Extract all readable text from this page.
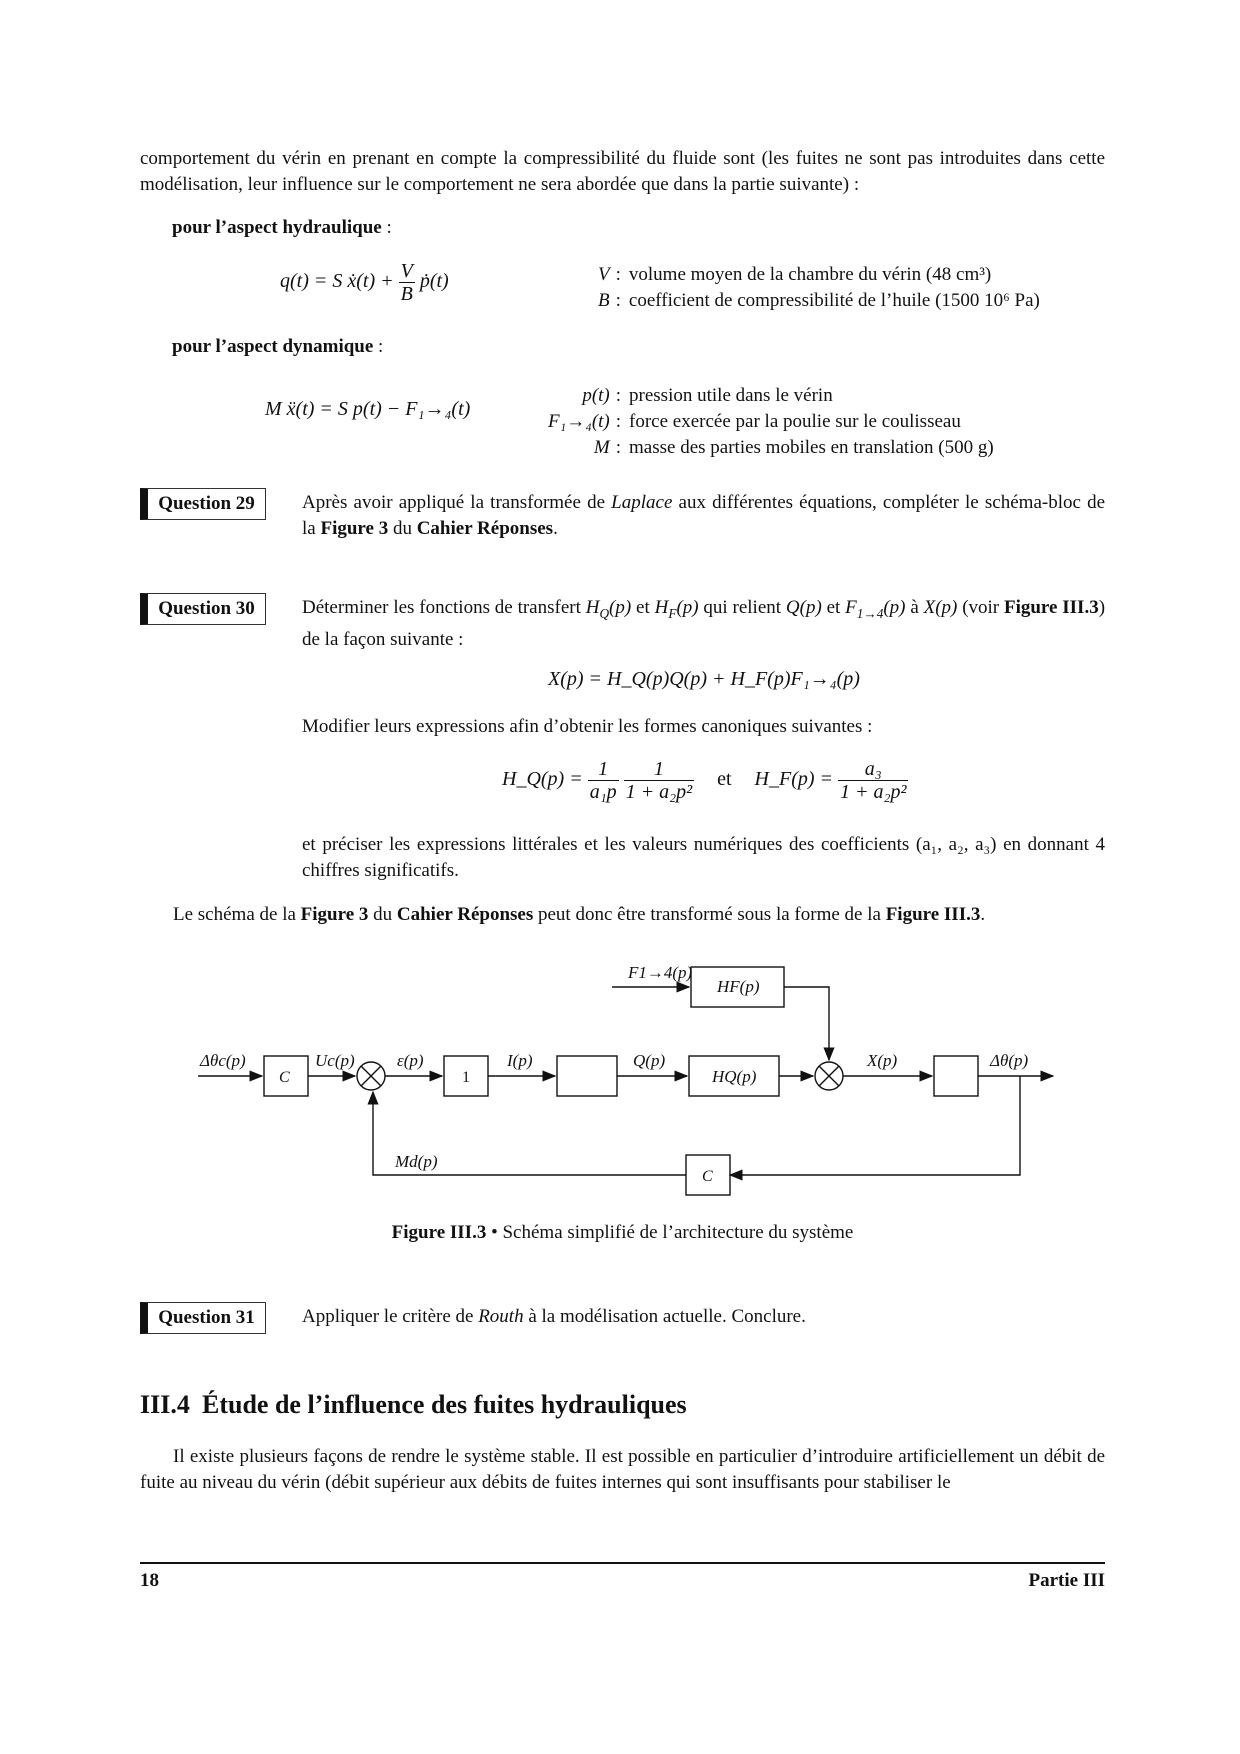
comportement du vérin en prenant en compte la compressibilité du fluide sont (les fuites ne sont pas introduites dans cette modélisation, leur influence sur le comportement ne sera abordée que dans la partie suivante) :

pour l’aspect hydraulique :

q(t) = S ẋ(t) + $\frac{V}{B}$ ṗ(t)	V	:	volume moyen de la chambre du vérin (48 cm³)
B	:	coefficient de compressibilité de l’huile (1500 10⁶ Pa)

pour l’aspect dynamique :

M ẍ(t) = S p(t) − F₁→₄(t)
p(t)	:	pression utile dans le vérin
F₁→₄(t)	:	force exercée par la poulie sur le coulisseau
M	:	masse des parties mobiles en translation (500 g)
Question 29	Après avoir appliqué la transformée de Laplace aux différentes équations, compléter le schéma-bloc de la Figure 3 du Cahier Réponses.

Question 30	Déterminer les fonctions de transfert $H_Q(p)$ et $H_F(p)$ qui relient Q(p) et $F_{1\to 4}(p)$ à X(p) (voir Figure III.3) de la façon suivante :

X(p) = H_Q(p)Q(p) + H_F(p)F₁→₄(p)

Modifier leurs expressions afin d’obtenir les formes canoniques suivantes :

H_Q(p) = $\frac{1}{\text{a₁p}}$
$\frac{1}{\text{1 + a₂p²}}$ et H_F(p) = $\frac{\text{a₃}}{\text{1 + a₂p²}}$

et préciser les expressions littérales et les valeurs numériques des coefficients (a₁, a₂, a₃) en donnant 4 chiffres significatifs.

Le schéma de la Figure 3 du Cahier Réponses peut donc être transformé sous la forme de la Figure III.3.

Δθc(p)
C
Uc(p) ε(p)
1
I(p)	Q(p)
HQ(p)
F1→4(p)
HF(p)
X(p)	Δθ(p)
Md(p)
C
Figure III.3 • Schéma simplifié de l’architecture du système
Question 31	Appliquer le critère de Routh à la modélisation actuelle. Conclure.

III.4 Étude de l’influence des fuites hydrauliques

Il existe plusieurs façons de rendre le système stable. Il est possible en particulier d’introduire artificiellement un débit de fuite au niveau du vérin (débit supérieur aux débits de fuites internes qui sont insuffisants pour stabiliser le

18	Partie III
